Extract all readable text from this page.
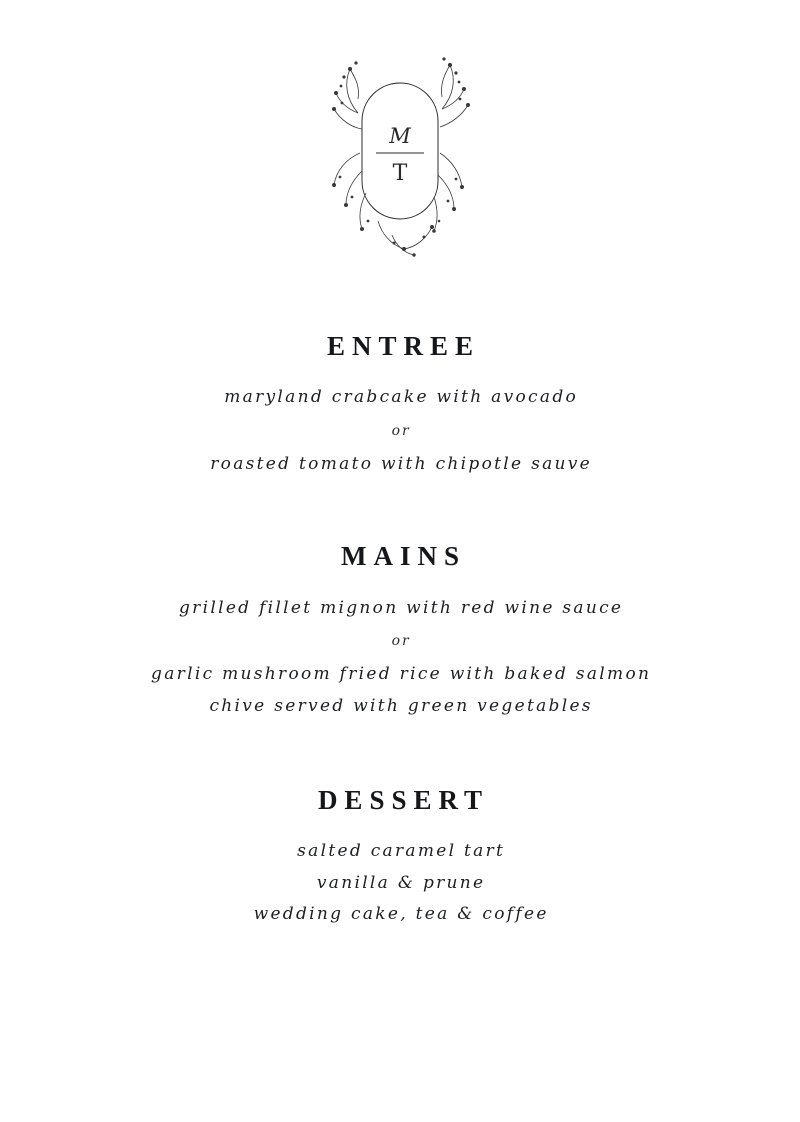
M
T
ENTREE
maryland crabcake with avocado
or
roasted tomato with chipotle sauve
MAINS
grilled fillet mignon with red wine sauce
or
garlic mushroom fried rice with baked salmon
chive served with green vegetables
DESSERT
salted caramel tart
vanilla & prune
wedding cake, tea & coffee
